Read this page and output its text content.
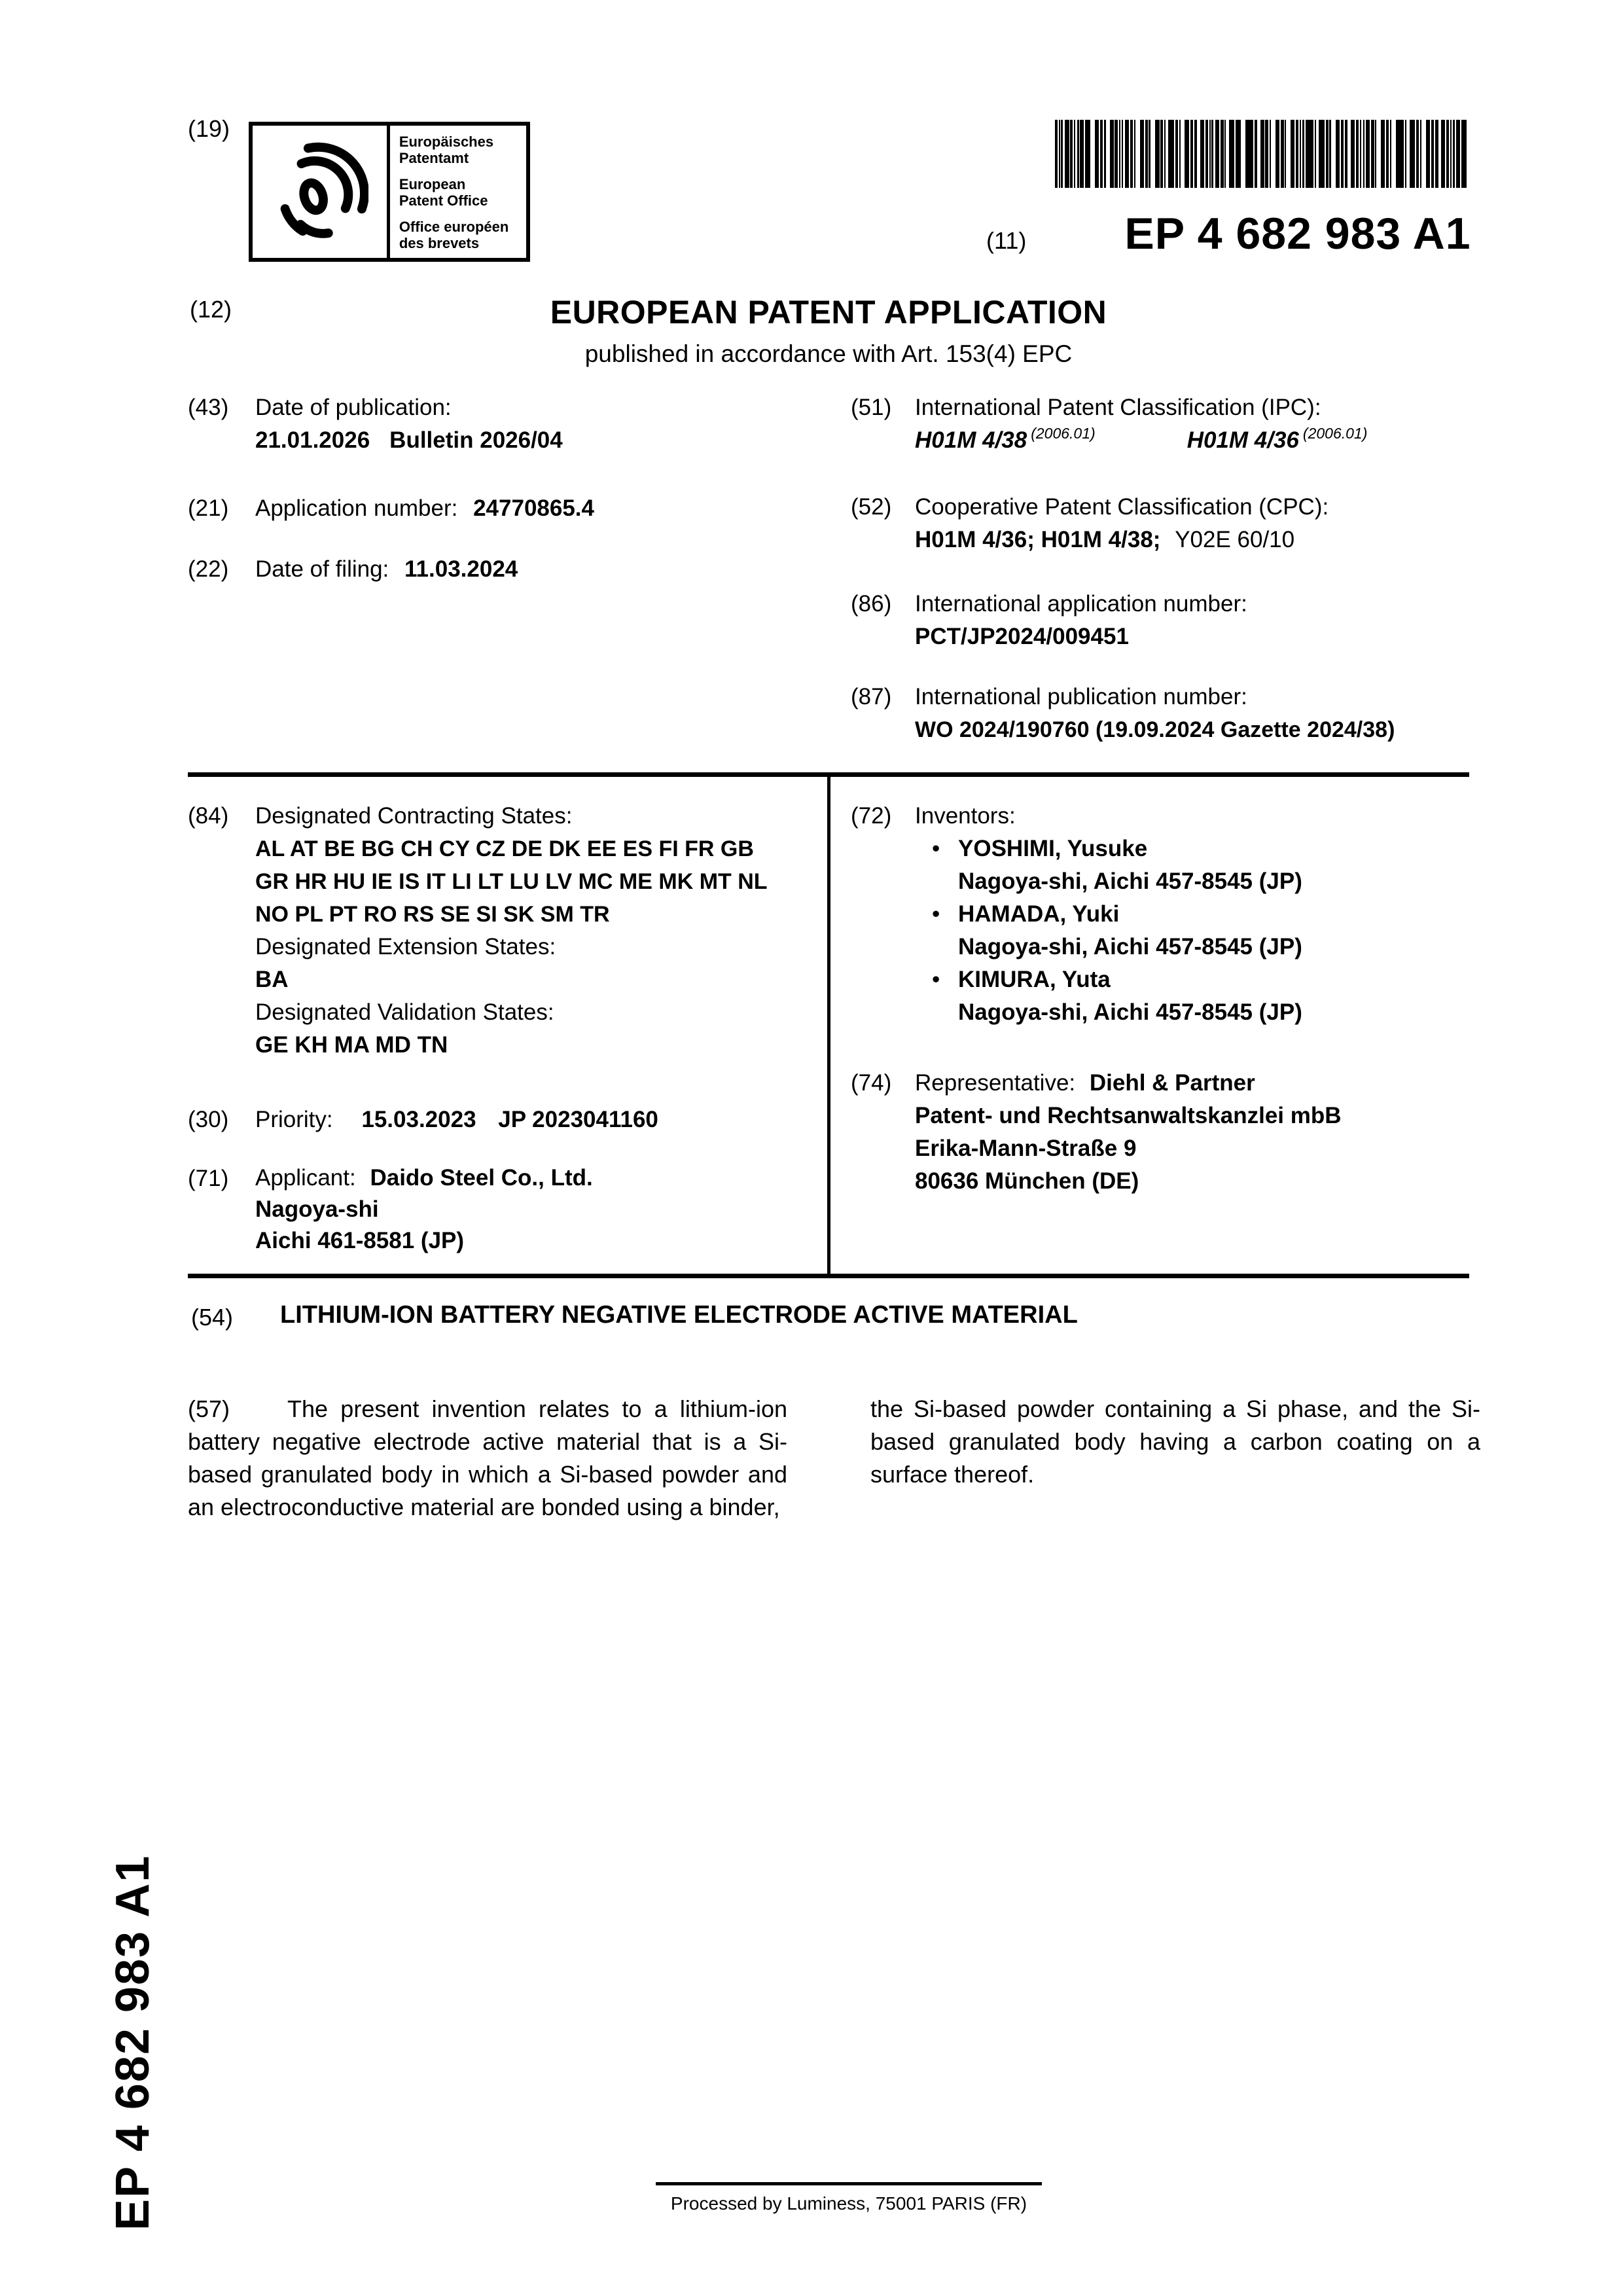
(19)	Europäisches
Patentamt
European
Patent Office
Office européen
des brevets	(11) EP 4 682 983 A1
(12)	EUROPEAN PATENT APPLICATION
published in accordance with Art. 153(4) EPC
(43)	Date of publication:
21.01.2026 Bulletin 2026/04
(21)	Application number: 24770865.4
(22)	Date of filing: 11.03.2024
(51)	International Patent Classification (IPC):
H01M 4/38 $^{(2006.01)}$	H01M 4/36 $^{(2006.01)}$
(52)	Cooperative Patent Classification (CPC):
H01M 4/36; H01M 4/38; Y02E 60/10
(86)	International application number:
PCT/JP2024/009451
(87)	International publication number:
WO 2024/190760 (19.09.2024 Gazette 2024/38)
(84)	Designated Contracting States:
AL AT BE BG CH CY CZ DE DK EE ES FI FR GB
GR HR HU IE IS IT LI LT LU LV MC ME MK MT NL
NO PL PT RO RS SE SI SK SM TR
Designated Extension States:
BA
Designated Validation States:
GE KH MA MD TN
(30)	Priority: 15.03.2023 JP 2023041160
(71)	Applicant: Daido Steel Co., Ltd.
Nagoya-shi
Aichi 461-8581 (JP)
(72)	Inventors:
• YOSHIMI, Yusuke
Nagoya-shi, Aichi 457-8545 (JP)
• HAMADA, Yuki
Nagoya-shi, Aichi 457-8545 (JP)
• KIMURA, Yuta
Nagoya-shi, Aichi 457-8545 (JP)
(74)	Representative: Diehl & Partner
Patent- und Rechtsanwaltskanzlei mbB
Erika-Mann-Straße 9
80636 München (DE)
(54) LITHIUM-ION BATTERY NEGATIVE ELECTRODE ACTIVE MATERIAL
(57) The present invention relates to a lithium-ion battery negative electrode active material that is a Si-based granulated body in which a Si-based powder and an electroconductive material are bonded using a binder,
the Si-based powder containing a Si phase, and the Si-based granulated body having a carbon coating on a surface thereof.
EP 4 682 983 A1	Processed by Luminess, 75001 PARIS (FR)
